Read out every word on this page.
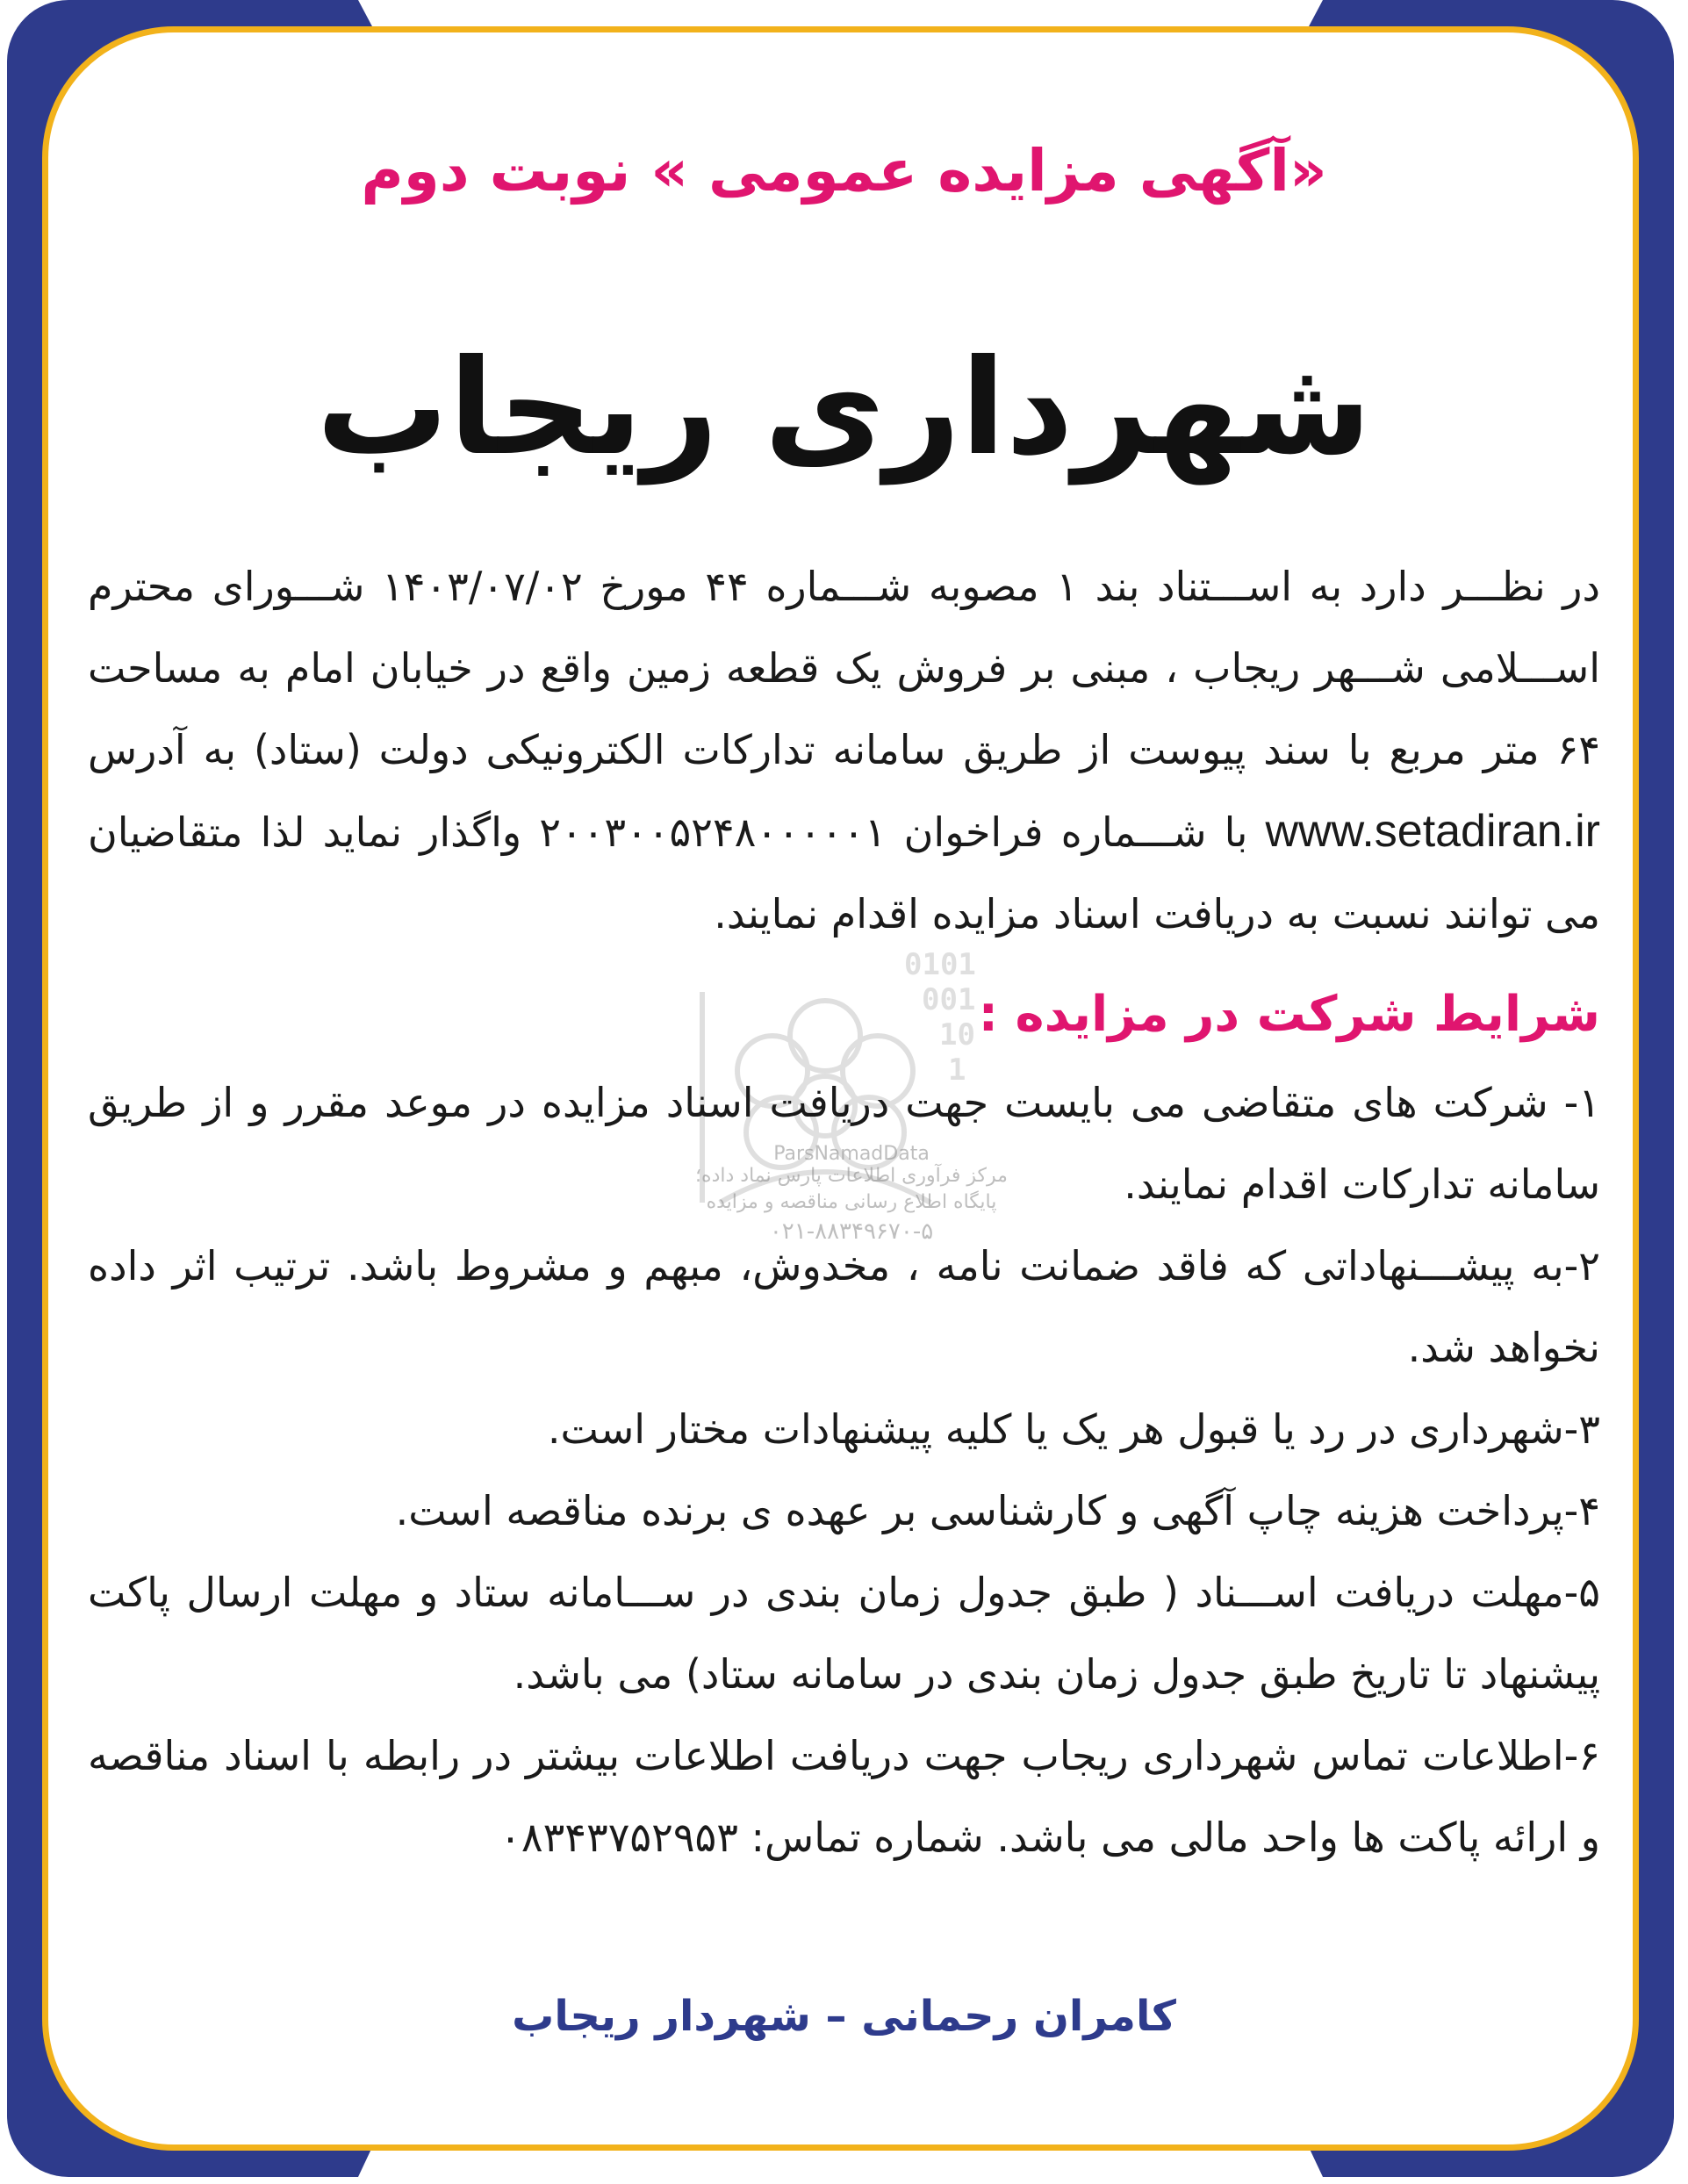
0101
001
10
1
ParsNamadData
مرکز فرآوری اطلاعات پارس نماد داده؛
پایگاه اطلاع رسانی مناقصه و مزایده
۰۲۱-۸۸۳۴۹۶۷۰-۵
«آگهی مزایده عمومی » نوبت دوم
شهرداری ریجاب
در نظـــر دارد به اســـتناد بند ۱ مصوبه شـــماره ۴۴ مورخ ۱۴۰۳/۰۷/۰۲ شـــورای محترم اســـلامی شـــهر ریجاب ، مبنی بر فروش یک قطعه زمین واقع در خیابان امام به مساحت ۶۴ متر مربع با سند پیوست از طریق سامانه تدارکات الکترونیکی دولت (ستاد) به آدرس www.setadiran.ir با شـــماره فراخوان ۲۰۰۳۰۰۵۲۴۸۰۰۰۰۰۱ واگذار نماید لذا متقاضیان می توانند نسبت به دریافت اسناد مزایده اقدام نمایند.
شرایط شرکت در مزایده :

۱- شرکت های متقاضی می بایست جهت دریافت اسناد مزایده در موعد مقرر و از طریق سامانه تدارکات اقدام نمایند.

۲-به پیشـــنهاداتی که فاقد ضمانت نامه ، مخدوش، مبهم و مشروط باشد. ترتیب اثر داده نخواهد شد.

۳-شهرداری در رد یا قبول هر یک یا کلیه پیشنهادات مختار است.

۴-پرداخت هزینه چاپ آگهی و کارشناسی بر عهده ی برنده مناقصه است.

۵-مهلت دریافت اســـناد ( طبق جدول زمان بندی در ســـامانه ستاد و مهلت ارسال پاکت پیشنهاد تا تاریخ طبق جدول زمان بندی در سامانه ستاد) می باشد.

۶-اطلاعات تماس شهرداری ریجاب جهت دریافت اطلاعات بیشتر در رابطه با اسناد مناقصه و ارائه پاکت ها واحد مالی می باشد. شماره تماس: ۰۸۳۴۳۷۵۲۹۵۳

کامران رحمانی – شهردار ریجاب
